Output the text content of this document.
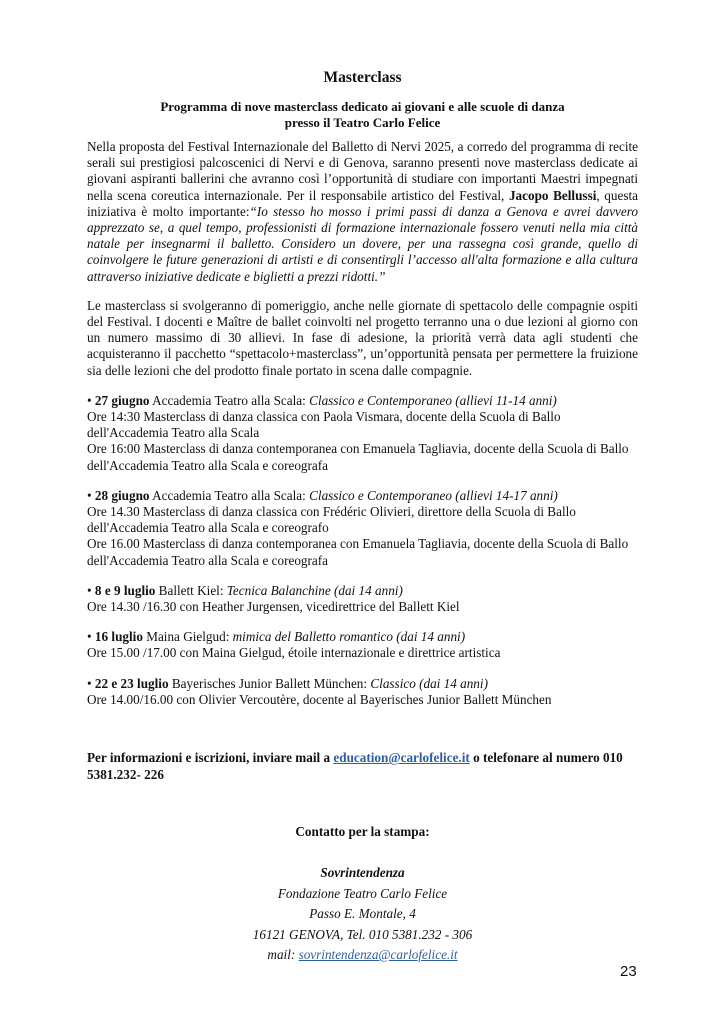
Masterclass
Programma di nove masterclass dedicato ai giovani e alle scuole di danza
presso il Teatro Carlo Felice

Nella proposta del Festival Internazionale del Balletto di Nervi 2025, a corredo del programma di recite serali sui prestigiosi palcoscenici di Nervi e di Genova, saranno presenti nove masterclass dedicate ai giovani aspiranti ballerini che avranno così l’opportunità di studiare con importanti Maestri impegnati nella scena coreutica internazionale. Per il responsabile artistico del Festival, Jacopo Bellussi, questa iniziativa è molto importante:“Io stesso ho mosso i primi passi di danza a Genova e avrei davvero apprezzato se, a quel tempo, professionisti di formazione internazionale fossero venuti nella mia città natale per insegnarmi il balletto. Considero un dovere, per una rassegna così grande, quello di coinvolgere le future generazioni di artisti e di consentirgli l’accesso all'alta formazione e alla cultura attraverso iniziative dedicate e biglietti a prezzi ridotti.”

Le masterclass si svolgeranno di pomeriggio, anche nelle giornate di spettacolo delle compagnie ospiti del Festival. I docenti e Maître de ballet coinvolti nel progetto terranno una o due lezioni al giorno con un numero massimo di 30 allievi. In fase di adesione, la priorità verrà data agli studenti che acquisteranno il pacchetto “spettacolo+masterclass”, un’opportunità pensata per permettere la fruizione sia delle lezioni che del prodotto finale portato in scena dalle compagnie.

• 27 giugno Accademia Teatro alla Scala: Classico e Contemporaneo (allievi 11-14 anni)
Ore 14:30 Masterclass di danza classica con Paola Vismara, docente della Scuola di Ballo
dell'Accademia Teatro alla Scala
Ore 16:00 Masterclass di danza contemporanea con Emanuela Tagliavia, docente della Scuola di Ballo
dell'Accademia Teatro alla Scala e coreografa
• 28 giugno Accademia Teatro alla Scala: Classico e Contemporaneo (allievi 14-17 anni)
Ore 14.30 Masterclass di danza classica con Frédéric Olivieri, direttore della Scuola di Ballo
dell'Accademia Teatro alla Scala e coreografo
Ore 16.00 Masterclass di danza contemporanea con Emanuela Tagliavia, docente della Scuola di Ballo
dell'Accademia Teatro alla Scala e coreografa
• 8 e 9 luglio Ballett Kiel: Tecnica Balanchine (dai 14 anni)
Ore 14.30 /16.30 con Heather Jurgensen, vicedirettrice del Ballett Kiel
• 16 luglio Maina Gielgud: mimica del Balletto romantico (dai 14 anni)
Ore 15.00 /17.00 con Maina Gielgud, étoile internazionale e direttrice artistica
• 22 e 23 luglio Bayerisches Junior Ballett München: Classico (dai 14 anni)
Ore 14.00/16.00 con Olivier Vercoutère, docente al Bayerisches Junior Ballett München
Per informazioni e iscrizioni, inviare mail a education@carlofelice.it o telefonare al numero 010
5381.232- 226
Contatto per la stampa:
Sovrintendenza
Fondazione Teatro Carlo Felice
Passo E. Montale, 4
16121 GENOVA, Tel. 010 5381.232 - 306
mail: sovrintendenza@carlofelice.it
23
